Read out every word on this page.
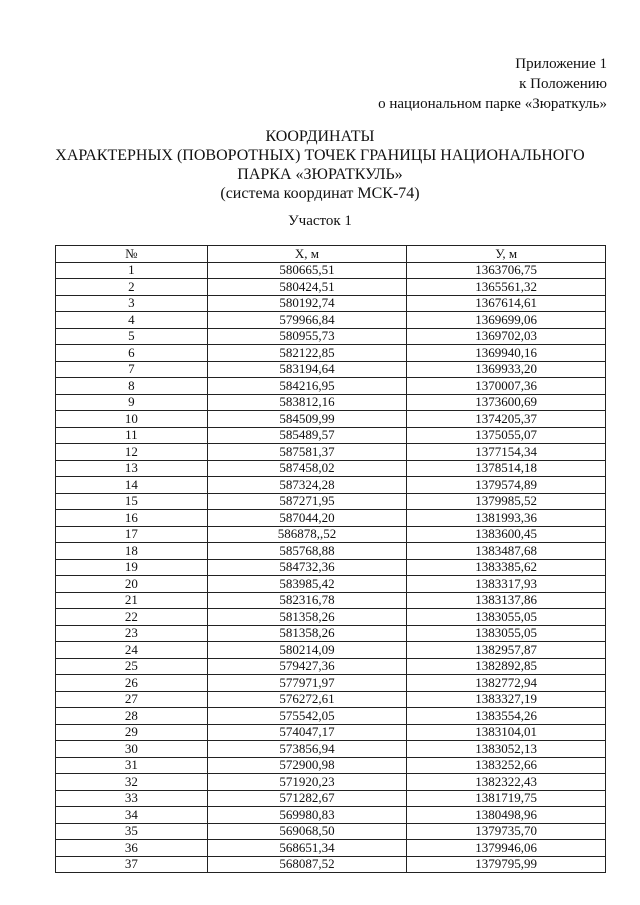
Приложение 1
к Положению
о национальном парке «Зюраткуль»
КООРДИНАТЫ
ХАРАКТЕРНЫХ (ПОВОРОТНЫХ) ТОЧЕК ГРАНИЦЫ НАЦИОНАЛЬНОГО
ПАРКА «ЗЮРАТКУЛЬ»
(система координат МСК-74)
Участок 1
№	X, м	У, м
1	580665,51	1363706,75
2	580424,51	1365561,32
3	580192,74	1367614,61
4	579966,84	1369699,06
5	580955,73	1369702,03
6	582122,85	1369940,16
7	583194,64	1369933,20
8	584216,95	1370007,36
9	583812,16	1373600,69
10	584509,99	1374205,37
11	585489,57	1375055,07
12	587581,37	1377154,34
13	587458,02	1378514,18
14	587324,28	1379574,89
15	587271,95	1379985,52
16	587044,20	1381993,36
17	586878,,52	1383600,45
18	585768,88	1383487,68
19	584732,36	1383385,62
20	583985,42	1383317,93
21	582316,78	1383137,86
22	581358,26	1383055,05
23	581358,26	1383055,05
24	580214,09	1382957,87
25	579427,36	1382892,85
26	577971,97	1382772,94
27	576272,61	1383327,19
28	575542,05	1383554,26
29	574047,17	1383104,01
30	573856,94	1383052,13
31	572900,98	1383252,66
32	571920,23	1382322,43
33	571282,67	1381719,75
34	569980,83	1380498,96
35	569068,50	1379735,70
36	568651,34	1379946,06
37	568087,52	1379795,99
